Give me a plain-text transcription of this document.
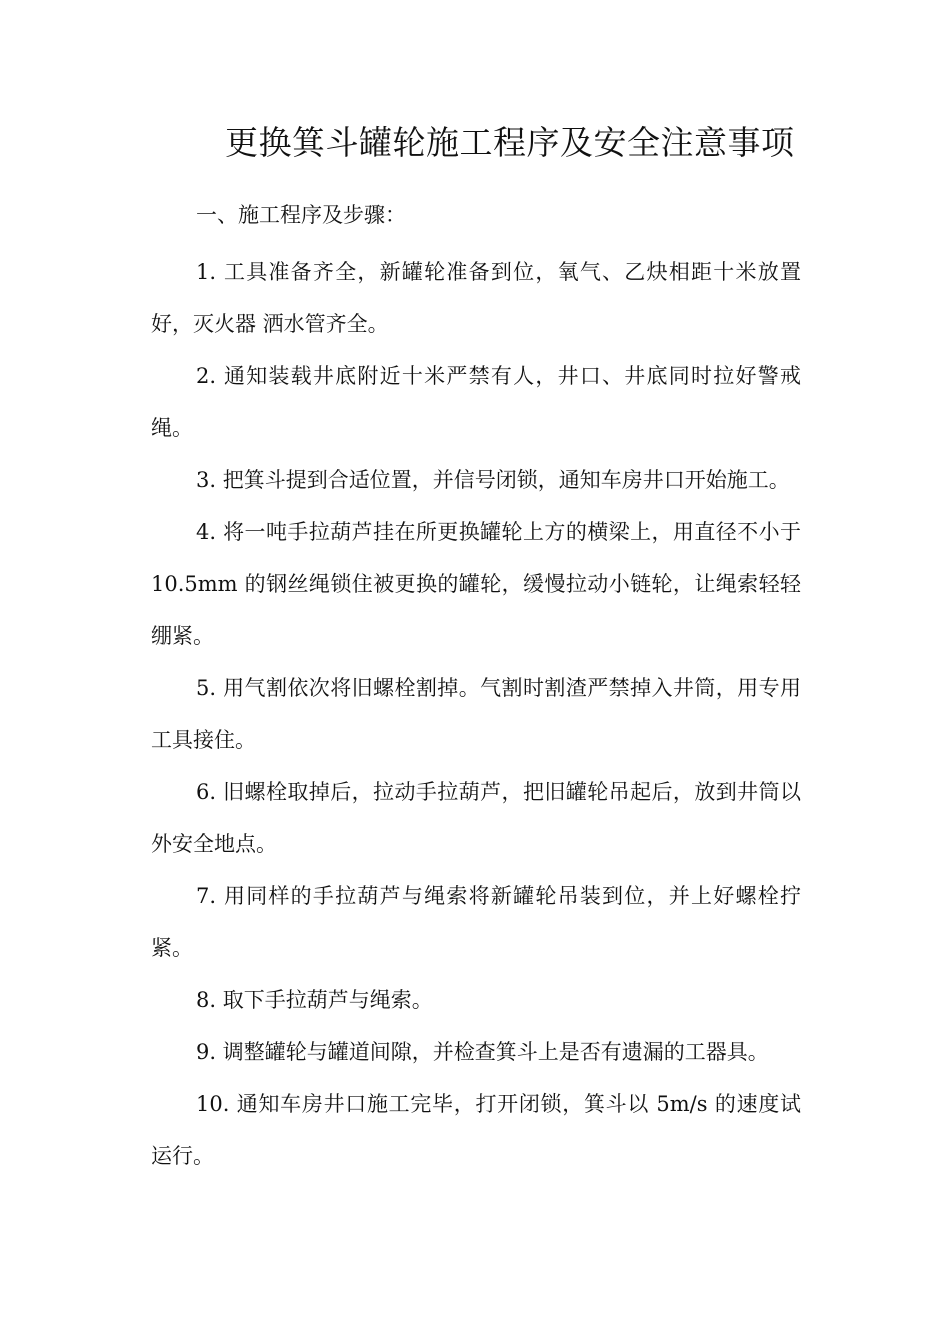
更换箕斗罐轮施工程序及安全注意事项
一、施工程序及步骤：
1. 工具准备齐全，新罐轮准备到位，氧气、乙炔相距十米放置好，灭火器 洒水管齐全。
2. 通知装载井底附近十米严禁有人，井口、井底同时拉好警戒绳。
3. 把箕斗提到合适位置，并信号闭锁，通知车房井口开始施工。
4. 将一吨手拉葫芦挂在所更换罐轮上方的横梁上，用直径不小于 10.5mm 的钢丝绳锁住被更换的罐轮，缓慢拉动小链轮，让绳索轻轻绷紧。
5. 用气割依次将旧螺栓割掉。气割时割渣严禁掉入井筒，用专用工具接住。
6. 旧螺栓取掉后，拉动手拉葫芦，把旧罐轮吊起后，放到井筒以外安全地点。
7. 用同样的手拉葫芦与绳索将新罐轮吊装到位，并上好螺栓拧紧。
8. 取下手拉葫芦与绳索。
9. 调整罐轮与罐道间隙，并检查箕斗上是否有遗漏的工器具。
10. 通知车房井口施工完毕，打开闭锁，箕斗以 5m/s 的速度试运行。
